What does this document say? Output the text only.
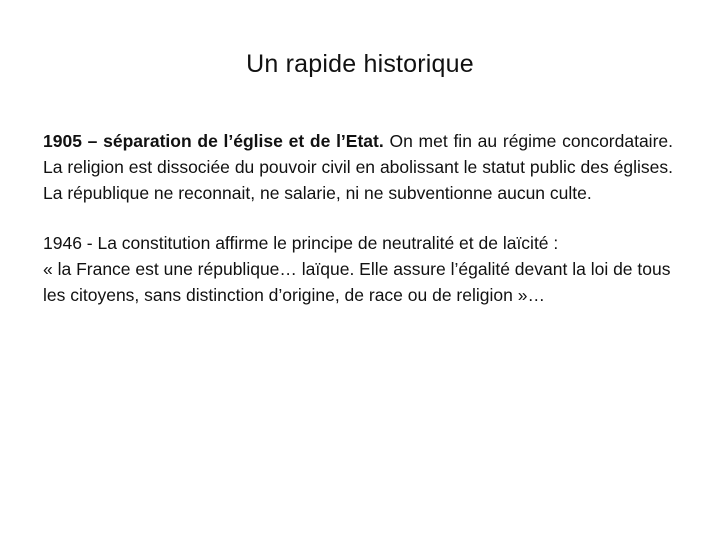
Un rapide historique

1905 – séparation de l’église et de l’Etat. On met fin au régime concordataire. La religion est dissociée du pouvoir civil en abolissant le statut public des églises. La république ne reconnait, ne salarie, ni ne subventionne aucun culte.

1946 - La constitution affirme le principe de neutralité et de laïcité :
« la France est une république… laïque. Elle assure l’égalité devant la loi de tous les citoyens, sans distinction d’origine, de race ou de religion »…
